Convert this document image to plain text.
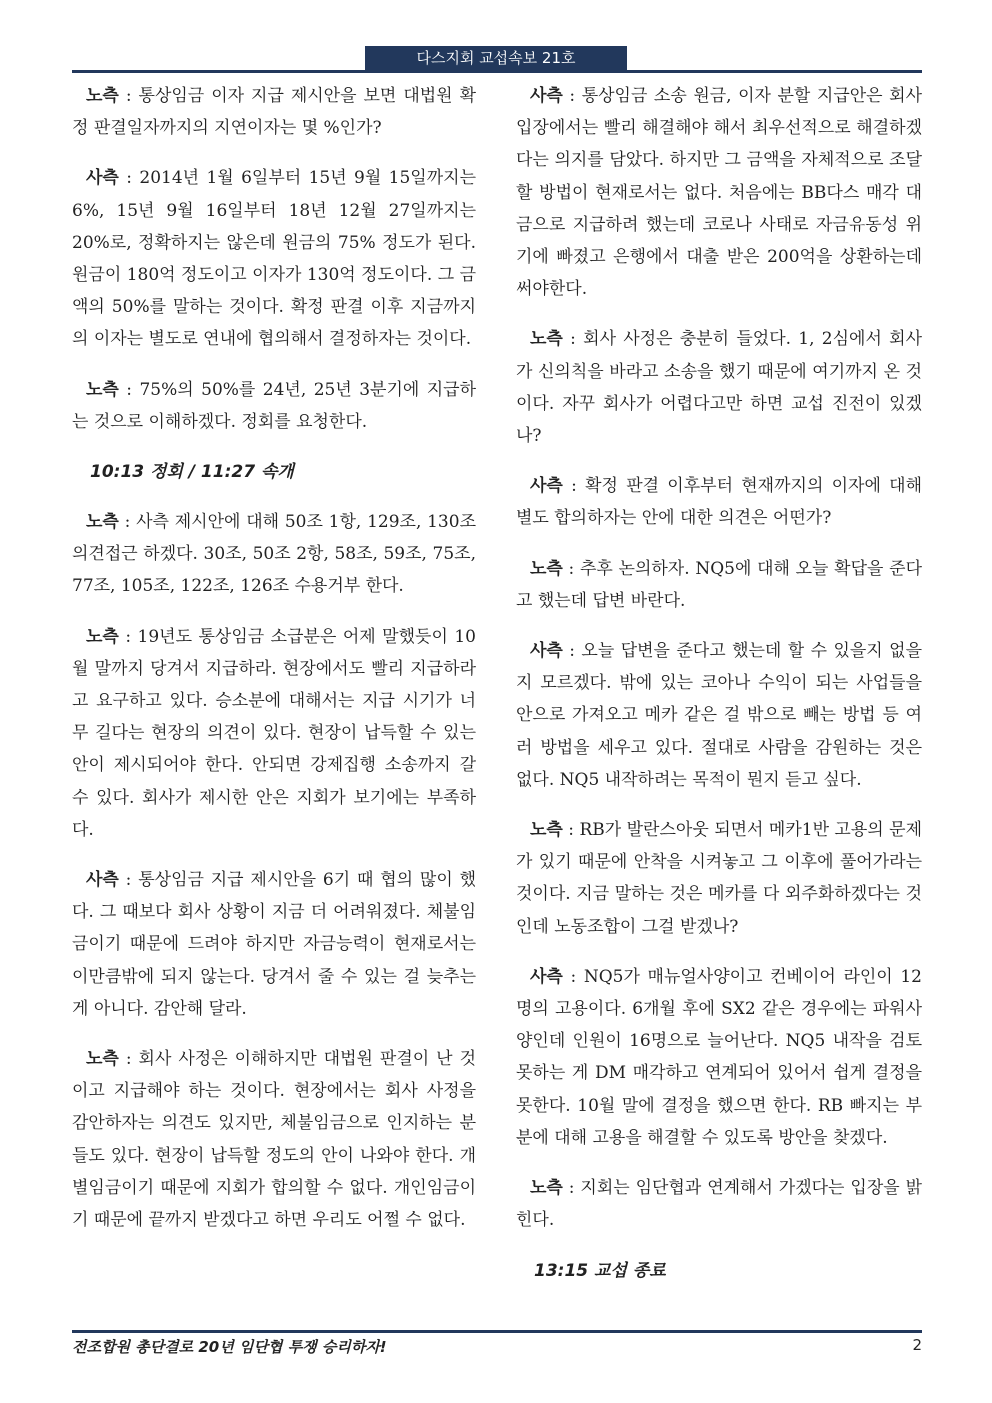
다스지회 교섭속보 21호

노측 : 통상임금 이자 지급 제시안을 보면 대법원 확정 판결일자까지의 지연이자는 몇 %인가?

사측 : 2014년 1월 6일부터 15년 9월 15일까지는 6%, 15년 9월 16일부터 18년 12월 27일까지는 20%로, 정확하지는 않은데 원금의 75% 정도가 된다. 원금이 180억 정도이고 이자가 130억 정도이다. 그 금액의 50%를 말하는 것이다. 확정 판결 이후 지금까지의 이자는 별도로 연내에 협의해서 결정하자는 것이다.

노측 : 75%의 50%를 24년, 25년 3분기에 지급하는 것으로 이해하겠다. 정회를 요청한다.

10:13 정회 / 11:27 속개

노측 : 사측 제시안에 대해 50조 1항, 129조, 130조 의견접근 하겠다. 30조, 50조 2항, 58조, 59조, 75조, 77조, 105조, 122조, 126조 수용거부 한다.

노측 : 19년도 통상임금 소급분은 어제 말했듯이 10월 말까지 당겨서 지급하라. 현장에서도 빨리 지급하라고 요구하고 있다. 승소분에 대해서는 지급 시기가 너무 길다는 현장의 의견이 있다. 현장이 납득할 수 있는 안이 제시되어야 한다. 안되면 강제집행 소송까지 갈 수 있다. 회사가 제시한 안은 지회가 보기에는 부족하다.

사측 : 통상임금 지급 제시안을 6기 때 협의 많이 했다. 그 때보다 회사 상황이 지금 더 어려워졌다. 체불임금이기 때문에 드려야 하지만 자금능력이 현재로서는 이만큼밖에 되지 않는다. 당겨서 줄 수 있는 걸 늦추는 게 아니다. 감안해 달라.

노측 : 회사 사정은 이해하지만 대법원 판결이 난 것이고 지급해야 하는 것이다. 현장에서는 회사 사정을 감안하자는 의견도 있지만, 체불임금으로 인지하는 분들도 있다. 현장이 납득할 정도의 안이 나와야 한다. 개별임금이기 때문에 지회가 합의할 수 없다. 개인임금이기 때문에 끝까지 받겠다고 하면 우리도 어쩔 수 없다.

사측 : 통상임금 소송 원금, 이자 분할 지급안은 회사 입장에서는 빨리 해결해야 해서 최우선적으로 해결하겠다는 의지를 담았다. 하지만 그 금액을 자체적으로 조달할 방법이 현재로서는 없다. 처음에는 BB다스 매각 대금으로 지급하려 했는데 코로나 사태로 자금유동성 위기에 빠졌고 은행에서 대출 받은 200억을 상환하는데 써야한다.

노측 : 회사 사정은 충분히 들었다. 1, 2심에서 회사가 신의칙을 바라고 소송을 했기 때문에 여기까지 온 것이다. 자꾸 회사가 어렵다고만 하면 교섭 진전이 있겠나?

사측 : 확정 판결 이후부터 현재까지의 이자에 대해 별도 합의하자는 안에 대한 의견은 어떤가?

노측 : 추후 논의하자. NQ5에 대해 오늘 확답을 준다고 했는데 답변 바란다.

사측 : 오늘 답변을 준다고 했는데 할 수 있을지 없을지 모르겠다. 밖에 있는 코아나 수익이 되는 사업들을 안으로 가져오고 메카 같은 걸 밖으로 빼는 방법 등 여러 방법을 세우고 있다. 절대로 사람을 감원하는 것은 없다. NQ5 내작하려는 목적이 뭔지 듣고 싶다.

노측 : RB가 발란스아웃 되면서 메카1반 고용의 문제가 있기 때문에 안착을 시켜놓고 그 이후에 풀어가라는 것이다. 지금 말하는 것은 메카를 다 외주화하겠다는 것인데 노동조합이 그걸 받겠나?

사측 : NQ5가 매뉴얼사양이고 컨베이어 라인이 12명의 고용이다. 6개월 후에 SX2 같은 경우에는 파워사양인데 인원이 16명으로 늘어난다. NQ5 내작을 검토 못하는 게 DM 매각하고 연계되어 있어서 쉽게 결정을 못한다. 10월 말에 결정을 했으면 한다. RB 빠지는 부분에 대해 고용을 해결할 수 있도록 방안을 찾겠다.

노측 : 지회는 임단협과 연계해서 가겠다는 입장을 밝힌다.

13:15 교섭 종료
전조합원 총단결로 20년 임단협 투쟁 승리하자!	2
